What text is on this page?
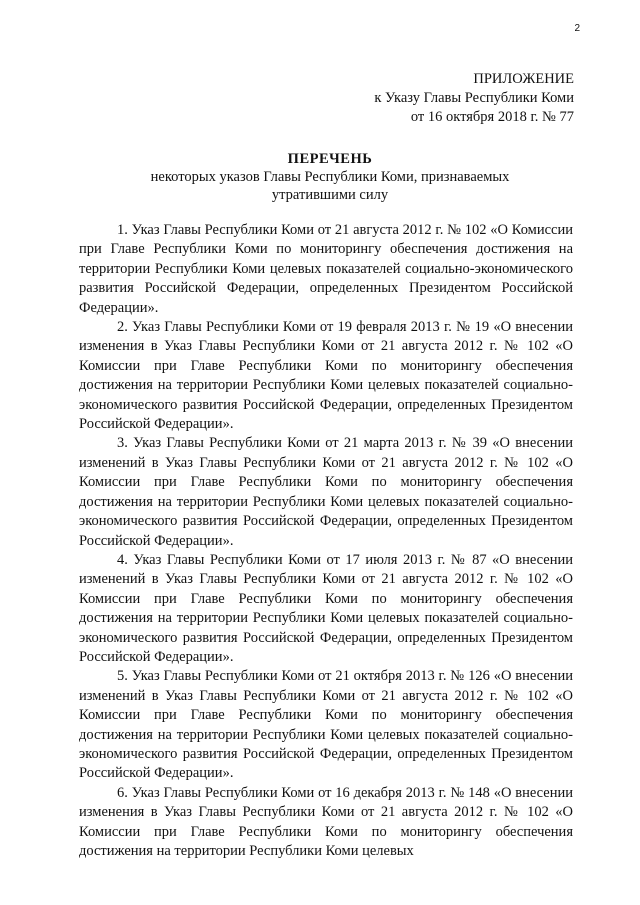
2
ПРИЛОЖЕНИЕ
к Указу Главы Республики Коми
от 16 октября 2018 г. № 77
ПЕРЕЧЕНЬ
некоторых указов Главы Республики Коми, признаваемых
утратившими силу

1. Указ Главы Республики Коми от 21 августа 2012 г. № 102 «О Комиссии при Главе Республики Коми по мониторингу обеспечения достижения на территории Республики Коми целевых показателей социально-экономического развития Российской Федерации, определенных Президентом Российской Федерации».

2. Указ Главы Республики Коми от 19 февраля 2013 г. № 19 «О внесении изменения в Указ Главы Республики Коми от 21 августа 2012 г. № 102 «О Комиссии при Главе Республики Коми по мониторингу обеспечения достижения на территории Республики Коми целевых показателей социально-экономического развития Российской Федерации, определенных Президентом Российской Федерации».

3. Указ Главы Республики Коми от 21 марта 2013 г. № 39 «О внесении изменений в Указ Главы Республики Коми от 21 августа 2012 г. № 102 «О Комиссии при Главе Республики Коми по мониторингу обеспечения достижения на территории Республики Коми целевых показателей социально-экономического развития Российской Федерации, определенных Президентом Российской Федерации».

4. Указ Главы Республики Коми от 17 июля 2013 г. № 87 «О внесении изменений в Указ Главы Республики Коми от 21 августа 2012 г. № 102 «О Комиссии при Главе Республики Коми по мониторингу обеспечения достижения на территории Республики Коми целевых показателей социально-экономического развития Российской Федерации, определенных Президентом Российской Федерации».

5. Указ Главы Республики Коми от 21 октября 2013 г. № 126 «О внесении изменений в Указ Главы Республики Коми от 21 августа 2012 г. № 102 «О Комиссии при Главе Республики Коми по мониторингу обеспечения достижения на территории Республики Коми целевых показателей социально-экономического развития Российской Федерации, определенных Президентом Российской Федерации».

6. Указ Главы Республики Коми от 16 декабря 2013 г. № 148 «О внесении изменения в Указ Главы Республики Коми от 21 августа 2012 г. № 102 «О Комиссии при Главе Республики Коми по мониторингу обеспечения достижения на территории Республики Коми целевых
